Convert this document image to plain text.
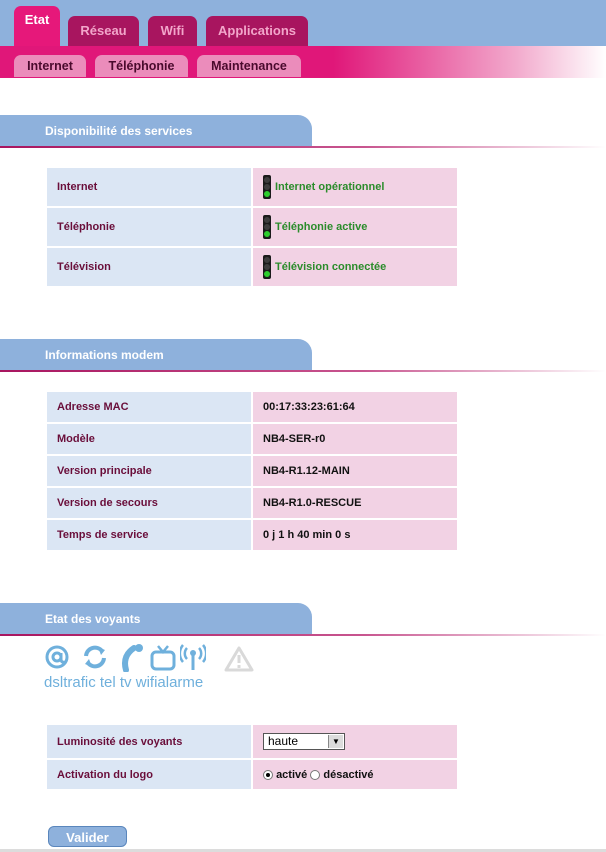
Etat
Réseau	Wifi	Applications
Internet	Téléphonie	Maintenance
Disponibilité des services
Internet	Internet opérationnel
Téléphonie	Téléphonie active
Télévision	Télévision connectée
Informations modem
Adresse MAC	00:17:33:23:61:64
Modèle	NB4-SER-r0
Version principale	NB4-R1.12-MAIN
Version de secours	NB4-R1.0-RESCUE
Temps de service	0 j 1 h 40 min 0 s
Etat des voyants
dsltrafic tel tv wifialarme
Luminosité des voyants	haute ▼

Activation du logo	activé désactivé
Valider
